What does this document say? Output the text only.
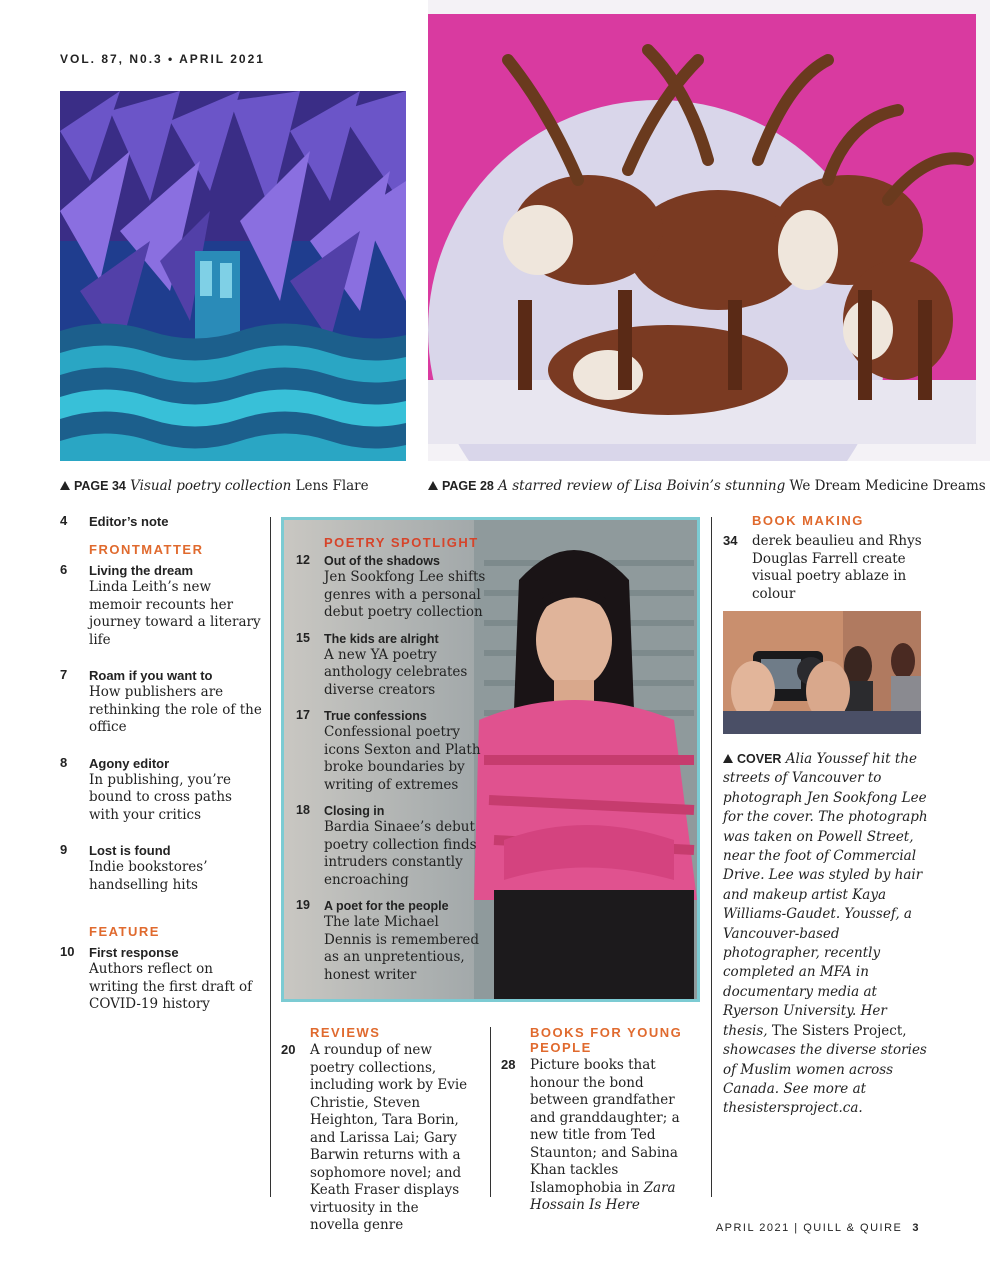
VOL. 87, N0.3 • APRIL 2021
PAGE 34 Visual poetry collection Lens Flare	PAGE 28 A starred review of Lisa Boivin’s stunning We Dream Medicine Dreams
4 Editor’s note
FRONTMATTER
6 Living the dream
Linda Leith’s new memoir recounts her journey toward a literary life
7 Roam if you want to
How publishers are rethinking the role of the office
8 Agony editor
In publishing, you’re bound to cross paths with your critics
9 Lost is found
Indie bookstores’ handselling hits
FEATURE
10 First response
Authors reflect on writing the first draft of COVID-19 history
POETRY SPOTLIGHT
12 Out of the shadows
Jen Sookfong Lee shifts genres with a personal debut poetry collection
15 The kids are alright
A new YA poetry anthology celebrates diverse creators
17 True confessions
Confessional poetry icons Sexton and Plath broke boundaries by writing of extremes
18 Closing in
Bardia Sinaee’s debut poetry collection finds intruders constantly encroaching
19 A poet for the people
The late Michael Dennis is remembered as an unpretentious, honest writer
BOOK MAKING
34 derek beaulieu and Rhys Douglas Farrell create visual poetry ablaze in colour
COVER Alia Youssef hit the streets of Vancouver to photograph Jen Sookfong Lee for the cover. The photograph was taken on Powell Street, near the foot of Commercial Drive. Lee was styled by hair and makeup artist Kaya Williams-Gaudet. Youssef, a Vancouver-based photographer, recently completed an MFA in documentary media at Ryerson University. Her thesis, The Sisters Project, showcases the diverse stories of Muslim women across Canada. See more at thesistersproject.ca.
REVIEWS
20 A roundup of new poetry collections, including work by Evie Christie, Steven Heighton, Tara Borin, and Larissa Lai; Gary Barwin returns with a sophomore novel; and Keath Fraser displays virtuosity in the novella genre
BOOKS FOR YOUNG PEOPLE
28 Picture books that honour the bond between grandfather and granddaughter; a new title from Ted Staunton; and Sabina Khan tackles Islamophobia in Zara Hossain Is Here
APRIL 2021 | QUILL & QUIRE 3
